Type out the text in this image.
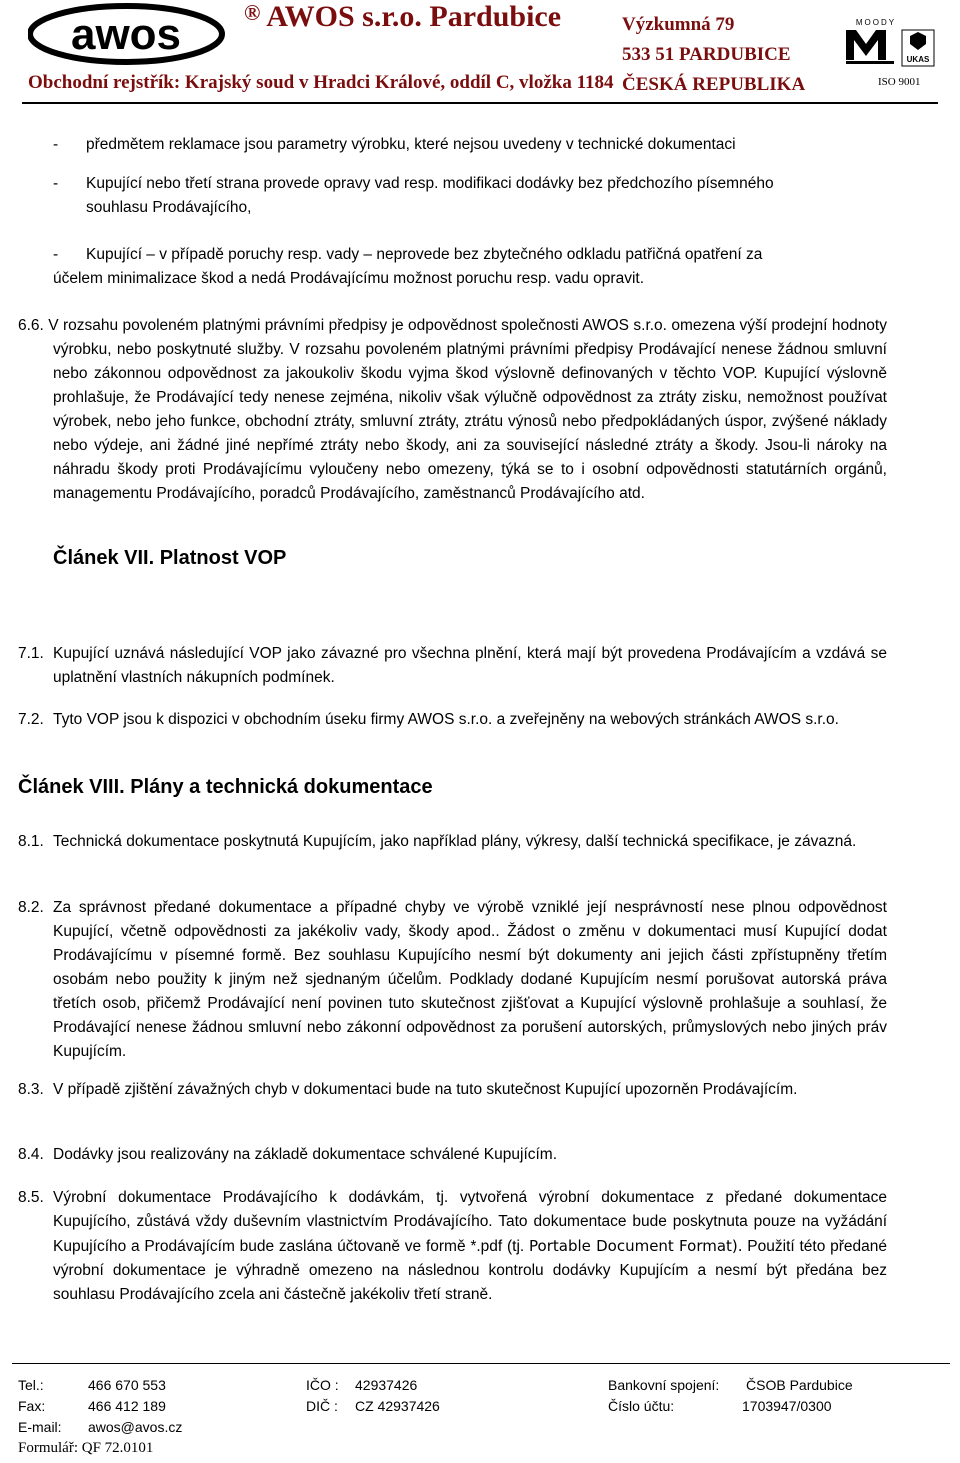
awos	® AWOS s.r.o. Pardubice
Obchodní rejstřík: Krajský soud v Hradci Králové, oddíl C, vložka 1184
Výzkumná 79
533 51 PARDUBICE
ČESKÁ REPUBLIKA
MOODY
UKAS
ISO 9001
- předmětem reklamace jsou parametry výrobku, které nejsou uvedeny v technické dokumentaci
- Kupující nebo třetí strana provede opravy vad resp. modifikaci dodávky bez předchozího písemného
souhlasu Prodávajícího,
- Kupující – v případě poruchy resp. vady – neprovede bez zbytečného odkladu patřičná opatření za
účelem minimalizace škod a nedá Prodávajícímu možnost poruchu resp. vadu opravit.
6.6. V rozsahu povoleném platnými právními předpisy je odpovědnost společnosti AWOS s.r.o. omezena výší prodejní hodnoty výrobku, nebo poskytnuté služby. V rozsahu povoleném platnými právními předpisy Prodávající nenese žádnou smluvní nebo zákonnou odpovědnost za jakoukoliv škodu vyjma škod výslovně definovaných v těchto VOP. Kupující výslovně prohlašuje, že Prodávající tedy nenese zejména, nikoliv však výlučně odpovědnost za ztráty zisku, nemožnost používat výrobek, nebo jeho funkce, obchodní ztráty, smluvní ztráty, ztrátu výnosů nebo předpokládaných úspor, zvýšené náklady nebo výdeje, ani žádné jiné nepřímé ztráty nebo škody, ani za související následné ztráty a škody. Jsou-li nároky na náhradu škody proti Prodávajícímu vyloučeny nebo omezeny, týká se to i osobní odpovědnosti statutárních orgánů, managementu Prodávajícího, poradců Prodávajícího, zaměstnanců Prodávajícího atd.
Článek VII. Platnost VOP
7.1. Kupující uznává následující VOP jako závazné pro všechna plnění, která mají být provedena Prodávajícím a vzdává se uplatnění vlastních nákupních podmínek.
7.2. Tyto VOP jsou k dispozici v obchodním úseku firmy AWOS s.r.o. a zveřejněny na webových stránkách AWOS s.r.o.
Článek VIII. Plány a technická dokumentace
8.1. Technická dokumentace poskytnutá Kupujícím, jako například plány, výkresy, další technická specifikace, je závazná.
8.2. Za správnost předané dokumentace a případné chyby ve výrobě vzniklé její nesprávností nese plnou odpovědnost Kupující, včetně odpovědnosti za jakékoliv vady, škody apod.. Žádost o změnu v dokumentaci musí Kupující dodat Prodávajícímu v písemné formě. Bez souhlasu Kupujícího nesmí být dokumenty ani jejich části zpřístupněny třetím osobám nebo použity k jiným než sjednaným účelům. Podklady dodané Kupujícím nesmí porušovat autorská práva třetích osob, přičemž Prodávající není povinen tuto skutečnost zjišťovat a Kupující výslovně prohlašuje a souhlasí, že Prodávající nenese žádnou smluvní nebo zákonní odpovědnost za porušení autorských, průmyslových nebo jiných práv Kupujícím.
8.3. V případě zjištění závažných chyb v dokumentaci bude na tuto skutečnost Kupující upozorněn Prodávajícím.
8.4. Dodávky jsou realizovány na základě dokumentace schválené Kupujícím.
8.5. Výrobní dokumentace Prodávajícího k dodávkám, tj. vytvořená výrobní dokumentace z předané dokumentace Kupujícího, zůstává vždy duševním vlastnictvím Prodávajícího. Tato dokumentace bude poskytnuta pouze na vyžádání Kupujícího a Prodávajícím bude zaslána účtovaně ve formě *.pdf (tj. Portable Document Format). Použití této předané výrobní dokumentace je výhradně omezeno na následnou kontrolu dodávky Kupujícím a nesmí být předána bez souhlasu Prodávajícího zcela ani částečně jakékoliv třetí straně.
Tel.:	466 670 553
Fax:	466 412 189
E-mail: awos@avos.cz
Formulář: QF 72.0101
IČO : 42937426
DIČ : CZ 42937426
Bankovní spojení: ČSOB Pardubice
Číslo účtu:	1703947/0300
